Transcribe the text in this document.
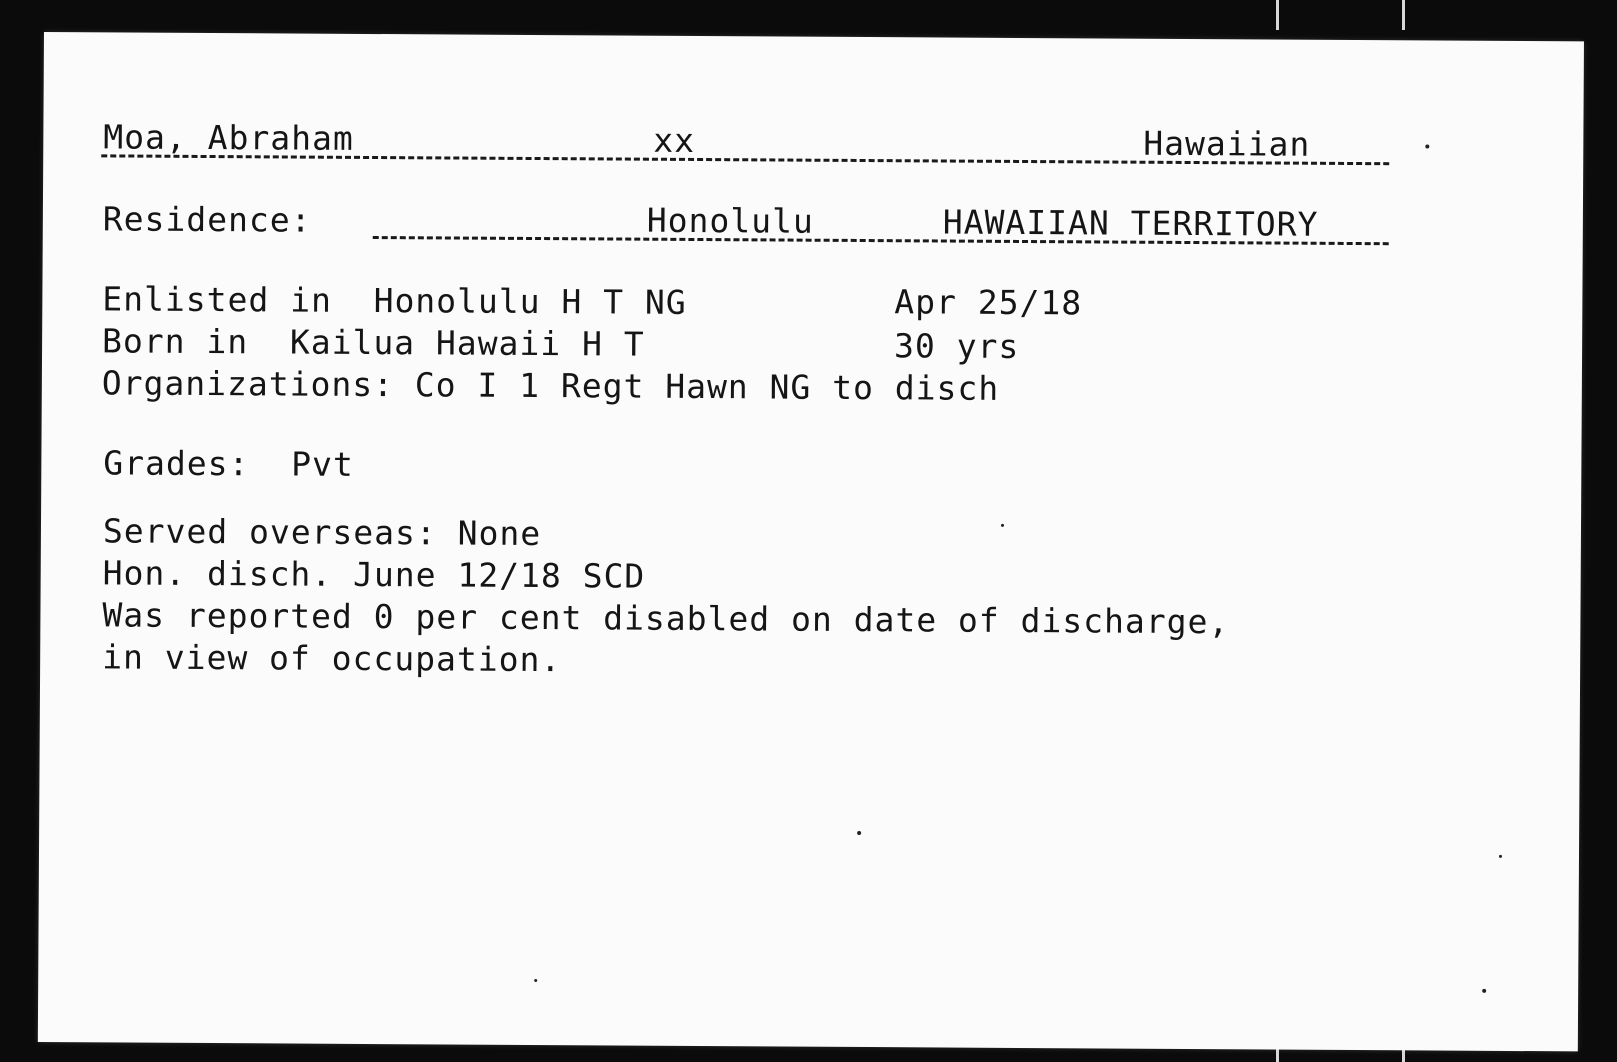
Moa, Abraham	xx	Hawaiian
Residence:	Honolulu	HAWAIIAN TERRITORY
Enlisted in  Honolulu H T NG	Apr 25/18
Born in  Kailua Hawaii H T	30 yrs
Organizations: Co I 1 Regt Hawn NG to disch
Grades:  Pvt
Served overseas: None
Hon. disch. June 12/18 SCD
Was reported 0 per cent disabled on date of discharge,
in view of occupation.
